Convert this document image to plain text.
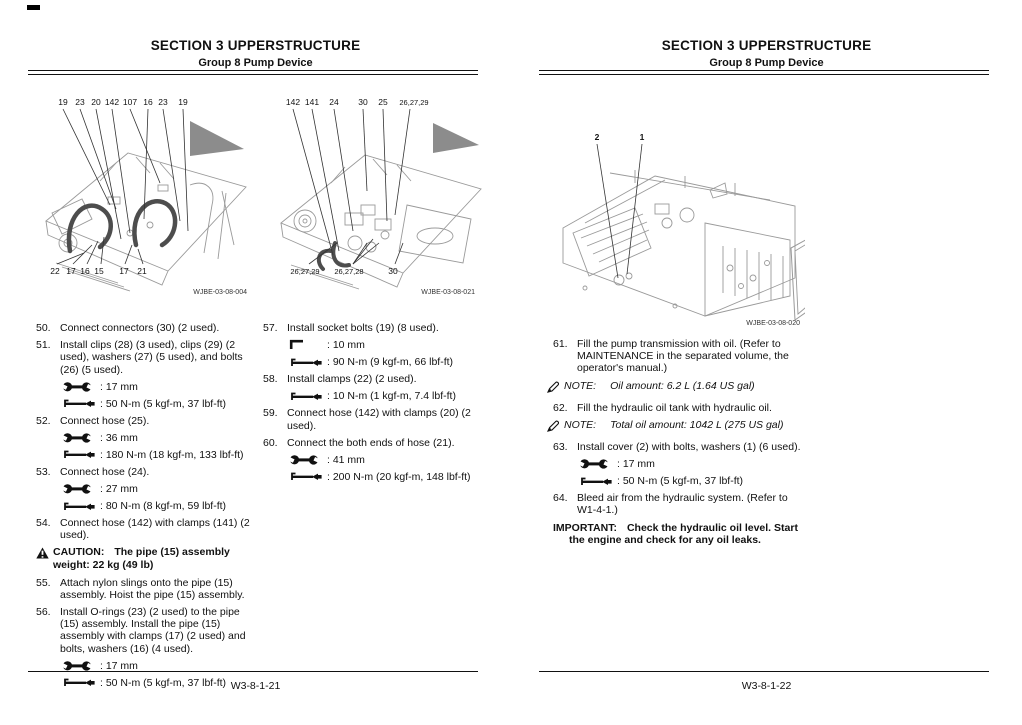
SECTION 3 UPPERSTRUCTURE
Group 8 Pump Device
19 23 20 142 107 16 23 19
22 17 16 15 17 21
WJBE-03-08-004
142 141 24 30 25 26,27,29
26,27,29 26,27,28	30
WJBE-03-08-021
50. Connect connectors (30) (2 used).
51. Install clips (28) (3 used), clips (29) (2 used), washers (27) (5 used), and bolts (26) (5 used).
: 17 mm
: 50 N-m (5 kgf-m, 37 lbf-ft)
52. Connect hose (25).
: 36 mm
: 180 N-m (18 kgf-m, 133 lbf-ft)
53. Connect hose (24).
: 27 mm
: 80 N-m (8 kgf-m, 59 lbf-ft)
54. Connect hose (142) with clamps (141) (2 used).
CAUTION: The pipe (15) assembly weight: 22 kg (49 lb)
55. Attach nylon slings onto the pipe (15) assembly. Hoist the pipe (15) assembly.
56. Install O-rings (23) (2 used) to the pipe (15) assembly. Install the pipe (15) assembly with clamps (17) (2 used) and bolts, washers (16) (4 used).
: 17 mm
: 50 N-m (5 kgf-m, 37 lbf-ft)
57. Install socket bolts (19) (8 used).
: 10 mm
: 90 N-m (9 kgf-m, 66 lbf-ft)
58. Install clamps (22) (2 used).
: 10 N-m (1 kgf-m, 7.4 lbf-ft)
59. Connect hose (142) with clamps (20) (2 used).
60. Connect the both ends of hose (21).
: 41 mm
: 200 N-m (20 kgf-m, 148 lbf-ft)
W3-8-1-21
SECTION 3 UPPERSTRUCTURE
Group 8 Pump Device
2	1
WJBE-03-08-020
61. Fill the pump transmission with oil. (Refer to MAINTENANCE in the separated volume, the operator's manual.)
NOTE: Oil amount: 6.2 L (1.64 US gal)
62. Fill the hydraulic oil tank with hydraulic oil.
NOTE: Total oil amount: 1042 L (275 US gal)
63. Install cover (2) with bolts, washers (1) (6 used).
: 17 mm
: 50 N-m (5 kgf-m, 37 lbf-ft)
64. Bleed air from the hydraulic system. (Refer to W1-4-1.)
IMPORTANT: Check the hydraulic oil level. Start the engine and check for any oil leaks.
W3-8-1-22
